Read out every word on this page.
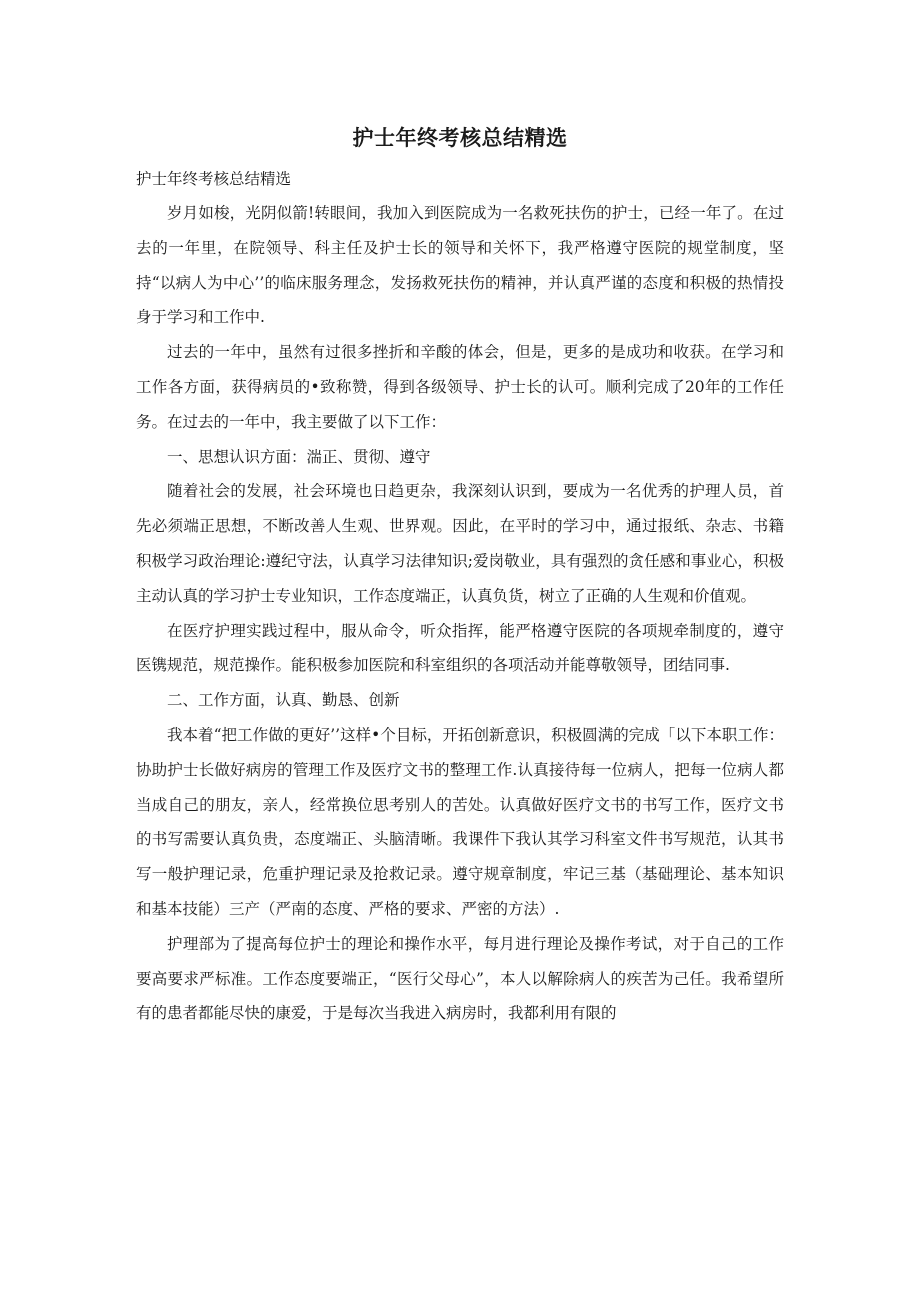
护士年终考核总结精选

护士年终考核总结精选

岁月如梭，光阴似箭!转眼间，我加入到医院成为一名救死扶伤的护士，已经一年了。在过去的一年里，在院领导、科主任及护士长的领导和关怀下，我严格遵守医院的规堂制度，坚持“以病人为中心’’的临床服务理念，发扬救死扶伤的精神，并认真严谨的态度和积极的热情投身于学习和工作中.

过去的一年中，虽然有过很多挫折和辛酸的体会，但是，更多的是成功和收获。在学习和工作各方面，获得病员的•致称赞，得到各级领导、护士长的认可。顺利完成了20年的工作任务。在过去的一年中，我主要做了以下工作：

一、思想认识方面：湍正、贯彻、遵守

随着社会的发展，社会环境也日趋更杂，我深刻认识到，要成为一名优秀的护理人员，首先必须端正思想，不断改善人生观、世界观。因此，在平时的学习中，通过报纸、杂志、书籍积极学习政治理论:遵纪守法，认真学习法律知识;爱岗敬业，具有强烈的贪任感和事业心，积极主动认真的学习护士专业知识，工作态度端正，认真负货，树立了正确的人生观和价值观。

在医疗护理实践过程中，服从命令，听众指挥，能严格遵守医院的各项规牵制度的，遵守医镌规范，规范操作。能积极参加医院和科室组织的各项活动并能尊敬领导，团结同事.

二、工作方面，认真、勤恳、创新

我本着“把工作做的更好’’这样•个目标，开拓创新意识，积极圆满的完成「以下本职工作：协助护士长做好病房的管理工作及医疗文书的整理工作.认真接待每一位病人，把每一位病人都当成自己的朋友，亲人，经常换位思考别人的苦处。认真做好医疗文书的书写工作，医疗文书的书写需要认真负贵，态度端正、头脑清晰。我课件下我认其学习科室文件书写规范，认其书写一般护理记录，危重护理记录及抢救记录。遵守规章制度，牢记三基（基础理论、基本知识和基本技能）三产（严南的态度、严格的要求、严密的方法）.

护理部为了提高每位护士的理论和操作水平，每月进行理论及操作考试，对于自己的工作要高要求严标准。工作态度要端正，“医行父母心”，本人以解除病人的疾苦为己任。我希望所有的患者都能尽快的康爱，于是每次当我进入病房时，我都利用有限的
